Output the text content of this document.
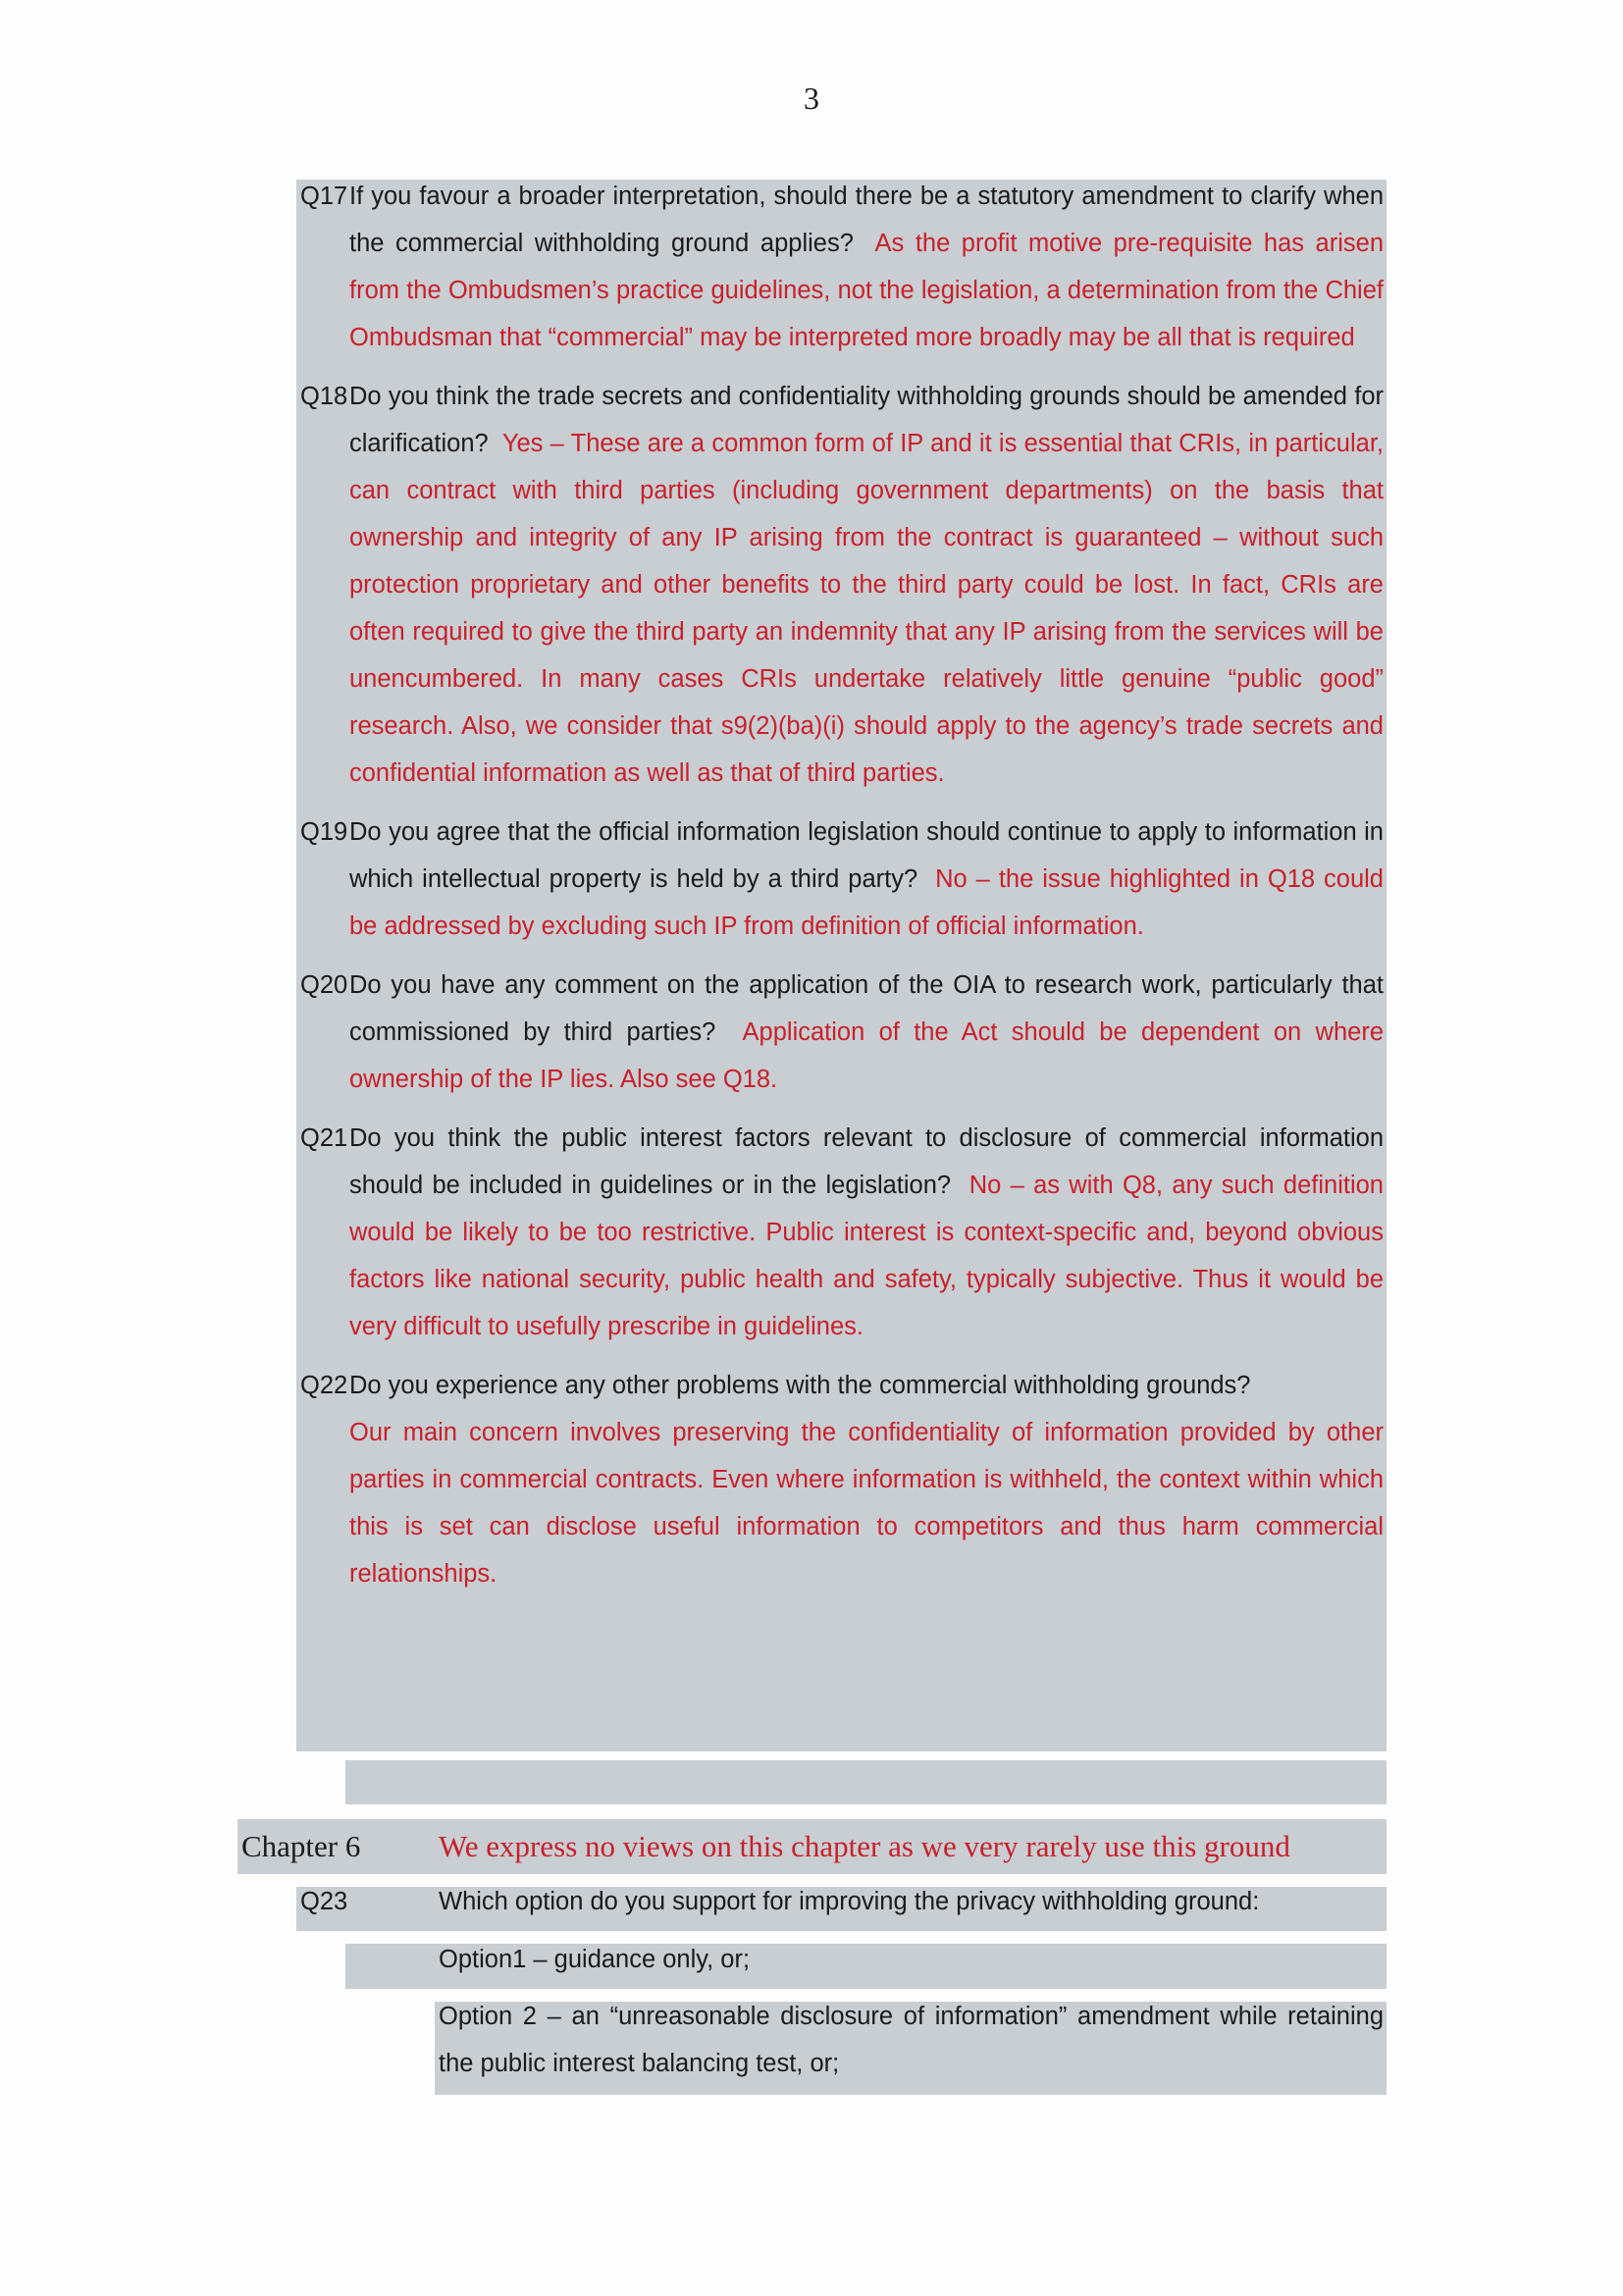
3
Q17 If you favour a broader interpretation, should there be a statutory amendment to clarify when the commercial withholding ground applies? As the profit motive pre-requisite has arisen from the Ombudsmen’s practice guidelines, not the legislation, a determination from the Chief Ombudsman that “commercial” may be interpreted more broadly may be all that is required
Q18 Do you think the trade secrets and confidentiality withholding grounds should be amended for clarification? Yes – These are a common form of IP and it is essential that CRIs, in particular, can contract with third parties (including government departments) on the basis that ownership and integrity of any IP arising from the contract is guaranteed – without such protection proprietary and other benefits to the third party could be lost. In fact, CRIs are often required to give the third party an indemnity that any IP arising from the services will be unencumbered. In many cases CRIs undertake relatively little genuine “public good” research. Also, we consider that s9(2)(ba)(i) should apply to the agency’s trade secrets and confidential information as well as that of third parties.
Q19 Do you agree that the official information legislation should continue to apply to information in which intellectual property is held by a third party? No – the issue highlighted in Q18 could be addressed by excluding such IP from definition of official information.
Q20 Do you have any comment on the application of the OIA to research work, particularly that commissioned by third parties? Application of the Act should be dependent on where ownership of the IP lies. Also see Q18.
Q21 Do you think the public interest factors relevant to disclosure of commercial information should be included in guidelines or in the legislation? No – as with Q8, any such definition would be likely to be too restrictive. Public interest is context-specific and, beyond obvious factors like national security, public health and safety, typically subjective. Thus it would be very difficult to usefully prescribe in guidelines.
Q22 Do you experience any other problems with the commercial withholding grounds?
Our main concern involves preserving the confidentiality of information provided by other parties in commercial contracts. Even where information is withheld, the context within which this is set can disclose useful information to competitors and thus harm commercial relationships.
Chapter 6	We express no views on this chapter as we very rarely use this ground
Q23	Which option do you support for improving the privacy withholding ground:
Option1 – guidance only, or;
Option 2 – an “unreasonable disclosure of information” amendment while retaining the public interest balancing test, or;
